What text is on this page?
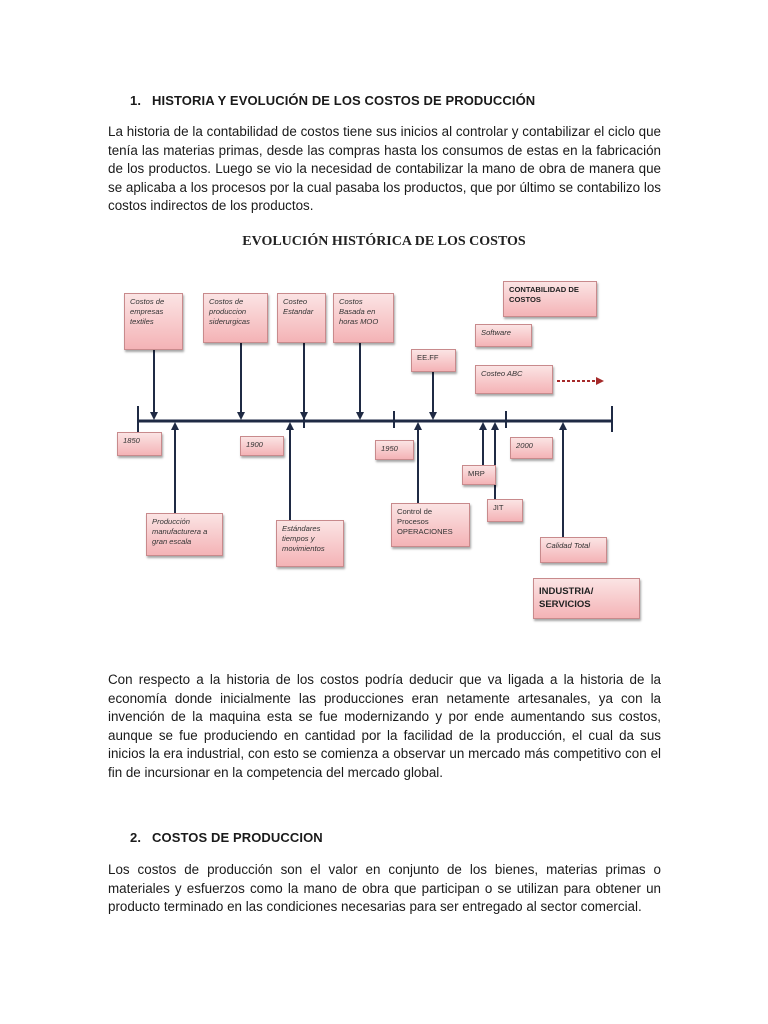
1. HISTORIA Y EVOLUCIÓN DE LOS COSTOS DE PRODUCCIÓN

La historia de la contabilidad de costos tiene sus inicios al controlar y contabilizar el ciclo que tenía las materias primas, desde las compras hasta los consumos de estas en la fabricación de los productos. Luego se vio la necesidad de contabilizar la mano de obra de manera que se aplicaba a los procesos por la cual pasaba los productos, que por último se contabilizo los costos indirectos de los productos.

EVOLUCIÓN HISTÓRICA DE LOS COSTOS
Costos de empresas textiles
Costos de produccion siderurgicas
Costeo Estandar
Costos Basada en horas MOO
CONTABILIDAD DE COSTOS
Software
EE.FF
Costeo ABC
1850	1900	1950	2000
MRP
JIT
Producción manufacturera a gran escala
Estándares tiempos y movimientos
Control de Procesos OPERACIONES
Calidad Total
INDUSTRIA/ SERVICIOS

Con respecto a la historia de los costos podría deducir que va ligada a la historia de la economía donde inicialmente las producciones eran netamente artesanales, ya con la invención de la maquina esta se fue modernizando y por ende aumentando sus costos, aunque se fue produciendo en cantidad por la facilidad de la producción, el cual da sus inicios la era industrial, con esto se comienza a observar un mercado más competitivo con el fin de incursionar en la competencia del mercado global.

2. COSTOS DE PRODUCCION

Los costos de producción son el valor en conjunto de los bienes, materias primas o materiales y esfuerzos como la mano de obra que participan o se utilizan para obtener un producto terminado en las condiciones necesarias para ser entregado al sector comercial.
